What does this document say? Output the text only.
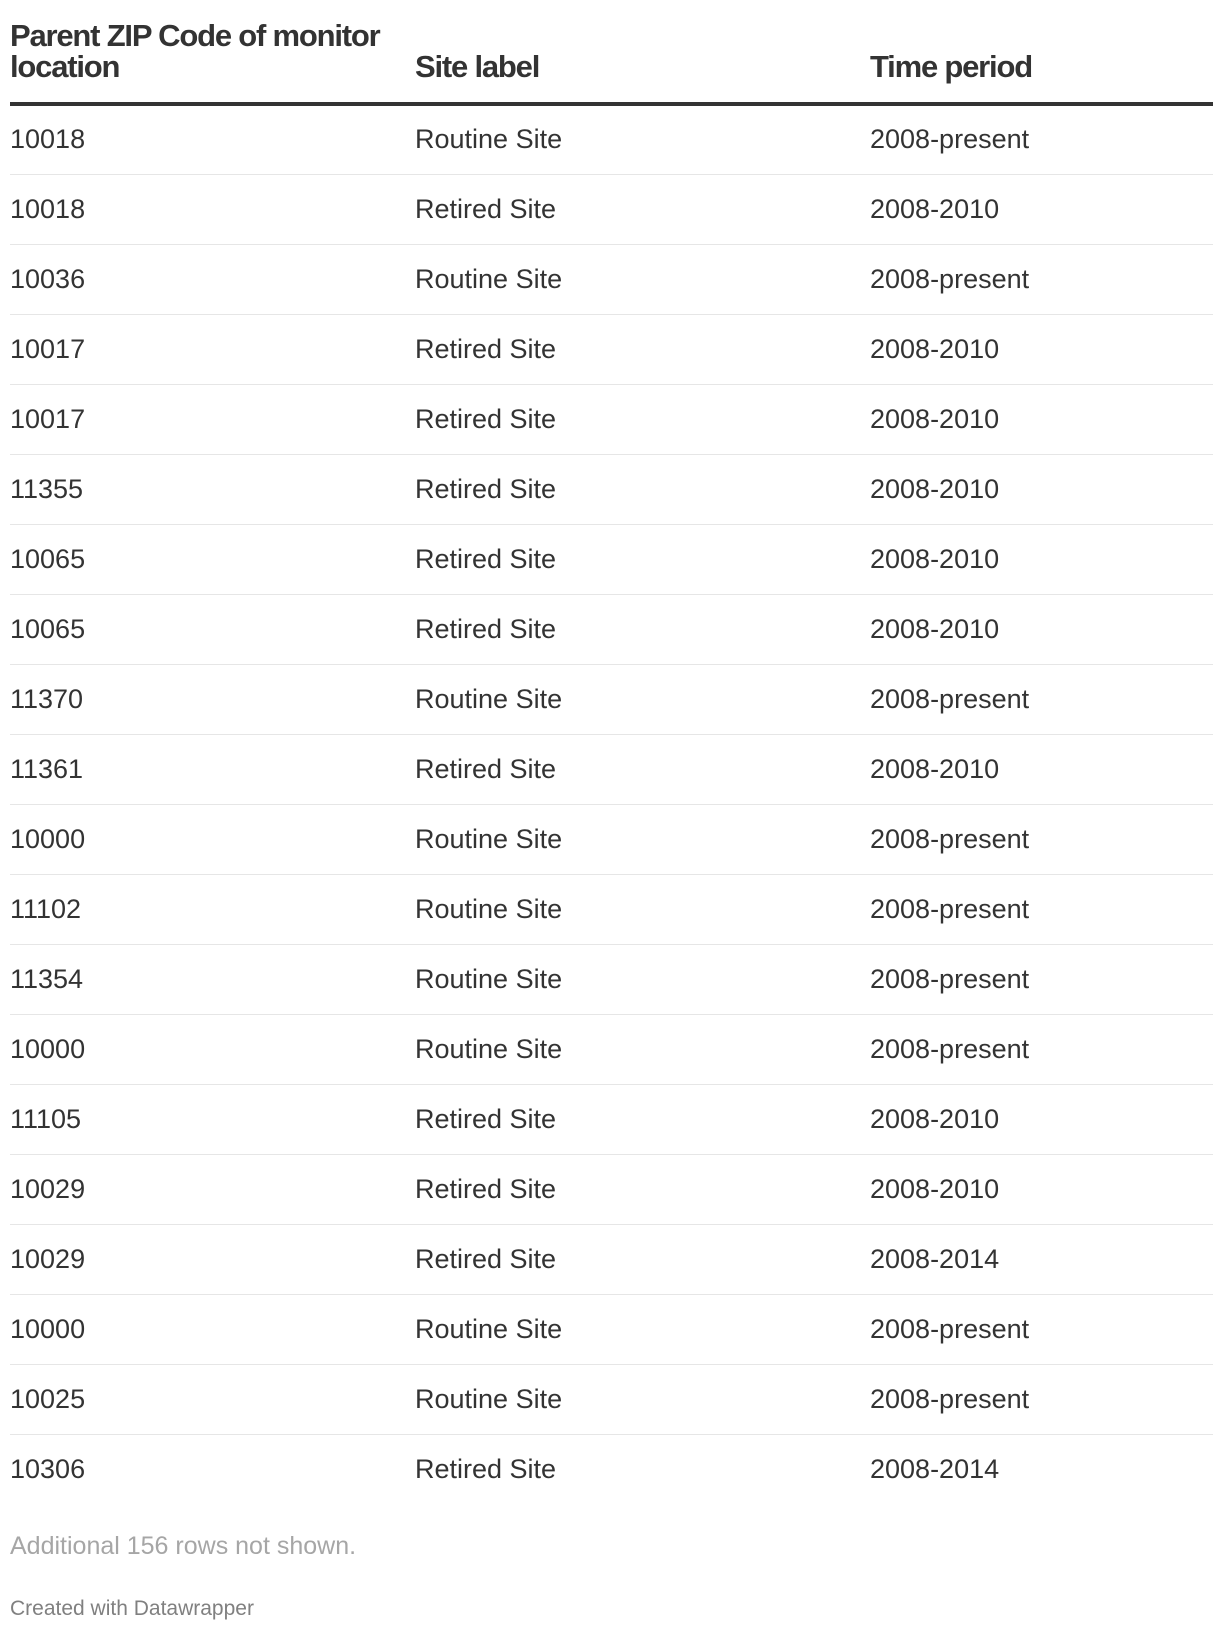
Parent ZIP Code of monitor location	Site label	Time period
10018	Routine Site	2008-present
10018	Retired Site	2008-2010
10036	Routine Site	2008-present
10017	Retired Site	2008-2010
10017	Retired Site	2008-2010
11355	Retired Site	2008-2010
10065	Retired Site	2008-2010
10065	Retired Site	2008-2010
11370	Routine Site	2008-present
11361	Retired Site	2008-2010
10000	Routine Site	2008-present
11102	Routine Site	2008-present
11354	Routine Site	2008-present
10000	Routine Site	2008-present
11105	Retired Site	2008-2010
10029	Retired Site	2008-2010
10029	Retired Site	2008-2014
10000	Routine Site	2008-present
10025	Routine Site	2008-present
10306	Retired Site	2008-2014
Additional 156 rows not shown.
Created with Datawrapper
